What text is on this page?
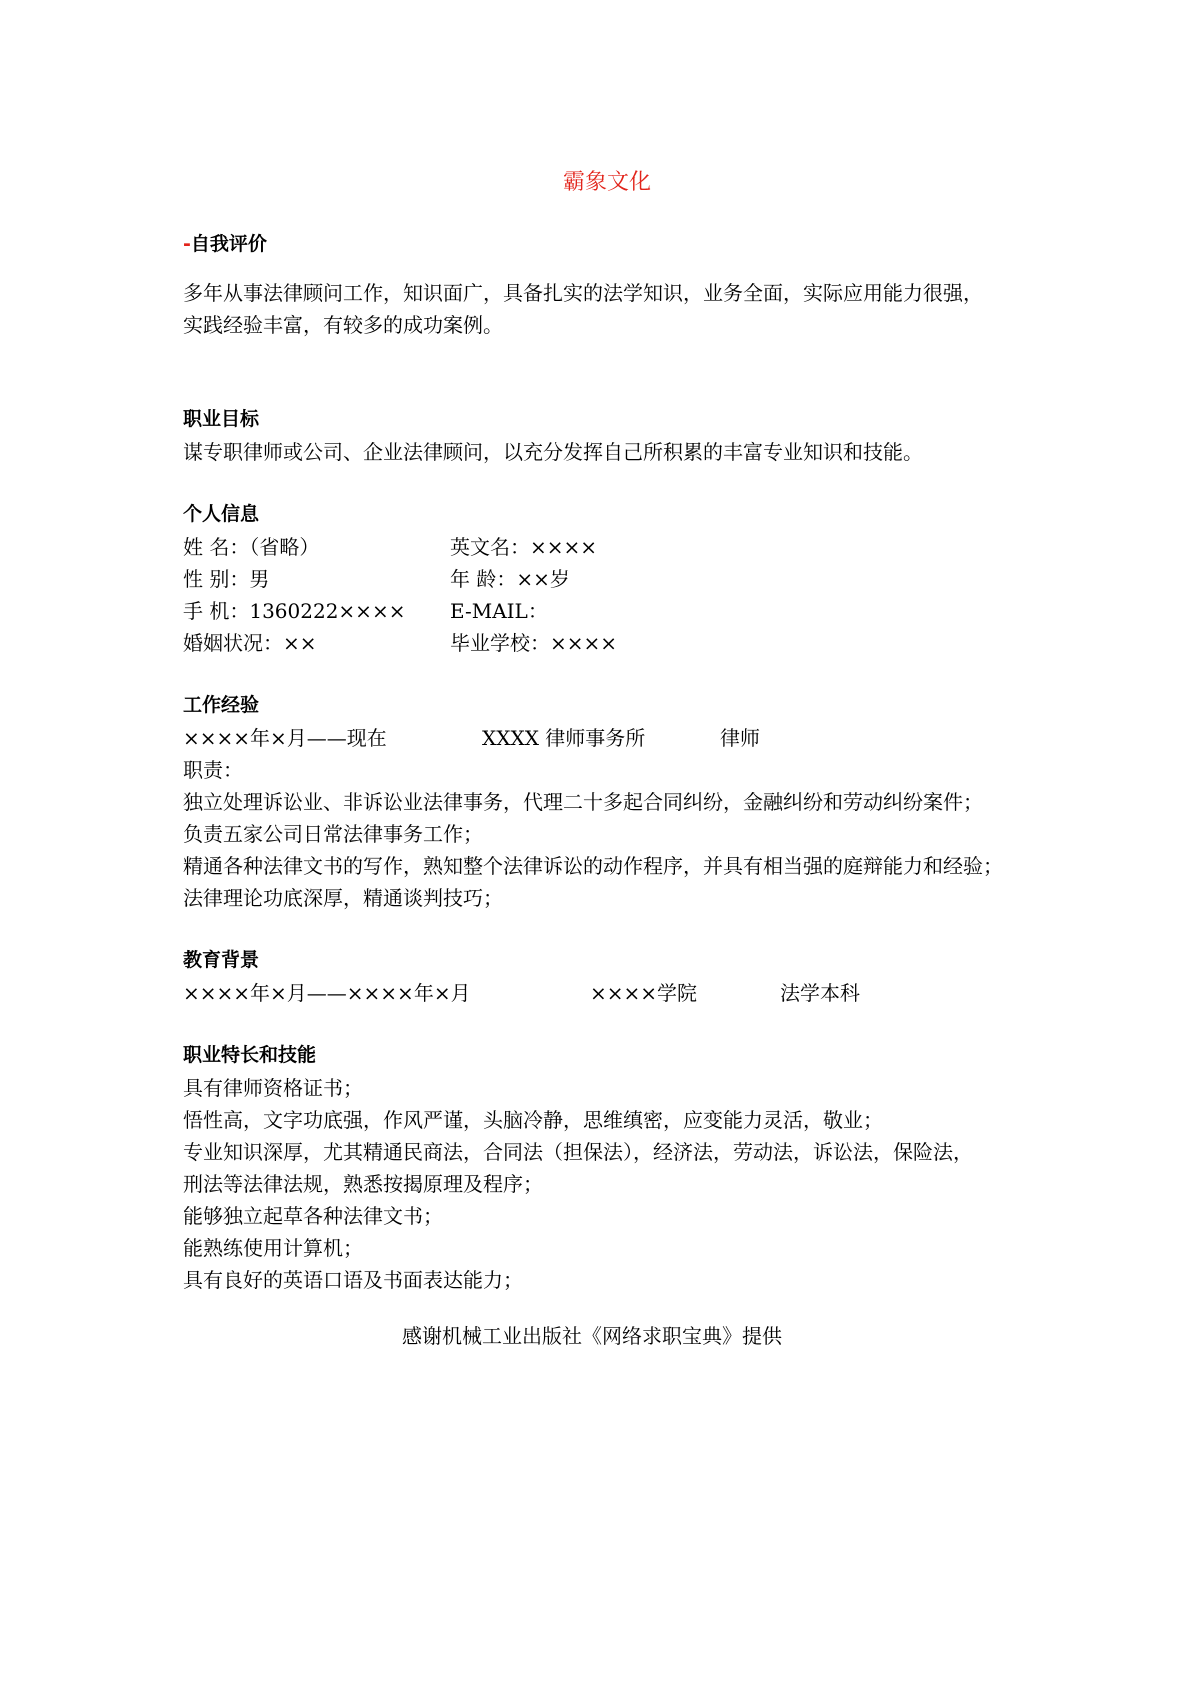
霸象文化
-自我评价
多年从事法律顾问工作，知识面广，具备扎实的法学知识，业务全面，实际应用能力很强，
实践经验丰富，有较多的成功案例。
职业目标
谋专职律师或公司、企业法律顾问，以充分发挥自己所积累的丰富专业知识和技能。
个人信息
姓 名：（省略）	英文名：××××
性 别：男	年 龄：××岁
手 机：1360222×××× E-MAIL：
婚姻状况：××	毕业学校：××××
工作经验
××××年×月——现在	XXXX 律师事务所	律师
职责：
独立处理诉讼业、非诉讼业法律事务，代理二十多起合同纠纷，金融纠纷和劳动纠纷案件；
负责五家公司日常法律事务工作；
精通各种法律文书的写作，熟知整个法律诉讼的动作程序，并具有相当强的庭辩能力和经验；
法律理论功底深厚，精通谈判技巧；
教育背景
××××年×月——××××年×月	××××学院	法学本科
职业特长和技能
具有律师资格证书；
悟性高，文字功底强，作风严谨，头脑冷静，思维缜密，应变能力灵活，敬业；
专业知识深厚，尤其精通民商法，合同法（担保法），经济法，劳动法，诉讼法，保险法，
刑法等法律法规，熟悉按揭原理及程序；
能够独立起草各种法律文书；
能熟练使用计算机；
具有良好的英语口语及书面表达能力；
感谢机械工业出版社《网络求职宝典》提供
